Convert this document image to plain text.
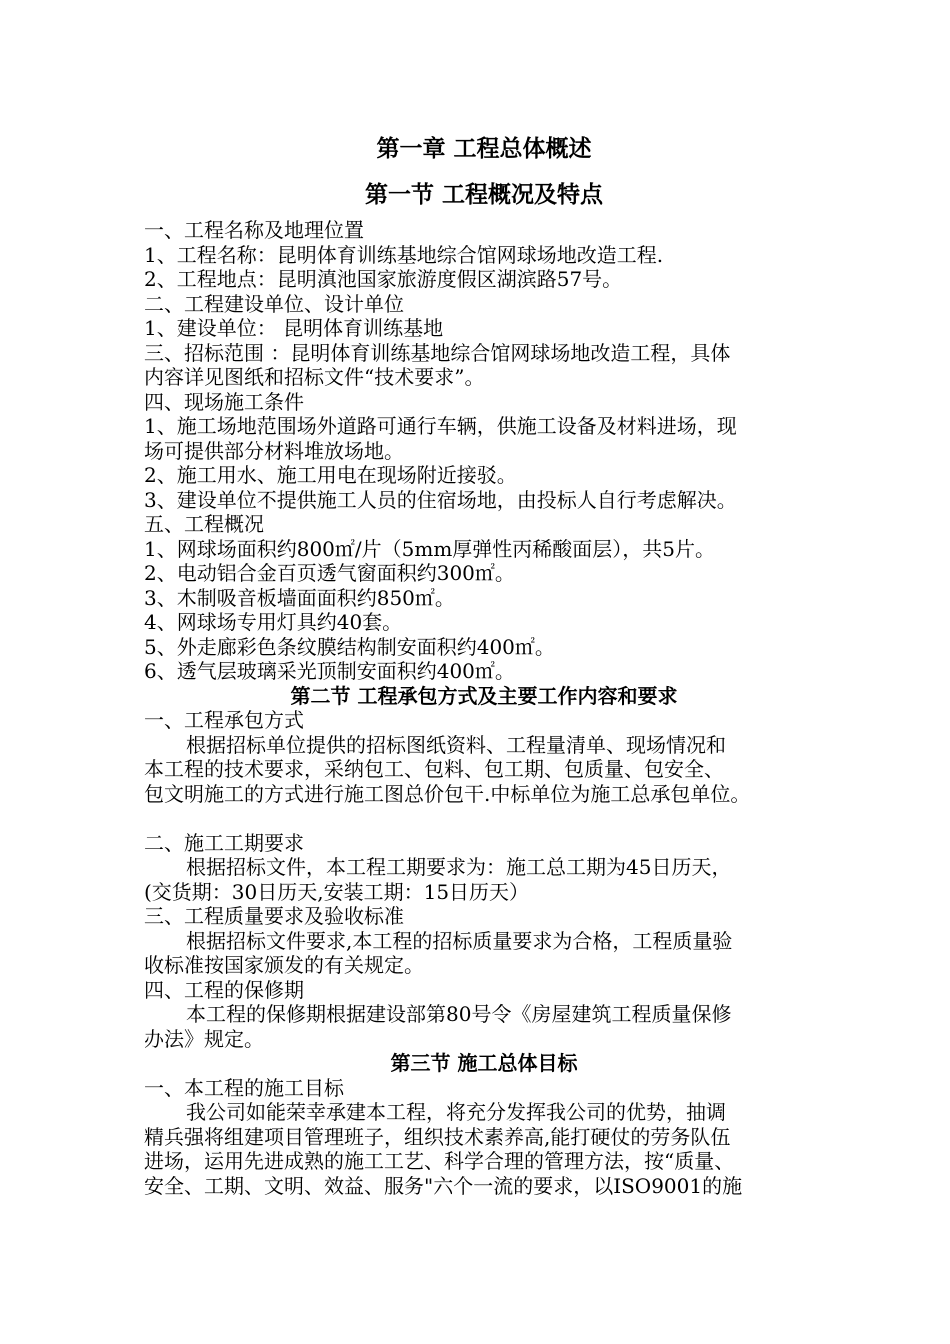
第一章 工程总体概述
第一节 工程概况及特点
一、工程名称及地理位置
1、工程名称：昆明体育训练基地综合馆网球场地改造工程.
2、工程地点：昆明滇池国家旅游度假区湖滨路57号。
二、工程建设单位、设计单位
1、建设单位： 昆明体育训练基地
三、招标范围 ：昆明体育训练基地综合馆网球场地改造工程，具体
内容详见图纸和招标文件“技术要求”。
四、现场施工条件
1、施工场地范围场外道路可通行车辆，供施工设备及材料进场，现
场可提供部分材料堆放场地。
2、施工用水、施工用电在现场附近接驳。
3、建设单位不提供施工人员的住宿场地，由投标人自行考虑解决。
五、工程概况
1、网球场面积约800㎡/片（5mm厚弹性丙稀酸面层），共5片。
2、电动铝合金百页透气窗面积约300㎡。
3、木制吸音板墙面面积约850㎡。
4、网球场专用灯具约40套。
5、外走廊彩色条纹膜结构制安面积约400㎡。
6、透气层玻璃采光顶制安面积约400㎡。
第二节 工程承包方式及主要工作内容和要求
一、工程承包方式
根据招标单位提供的招标图纸资料、工程量清单、现场情况和
本工程的技术要求，采纳包工、包料、包工期、包质量、包安全、
包文明施工的方式进行施工图总价包干.中标单位为施工总承包单位。
二、施工工期要求
根据招标文件，本工程工期要求为：施工总工期为45日历天，
(交货期：30日历天,安装工期：15日历天）
三、工程质量要求及验收标准
根据招标文件要求,本工程的招标质量要求为合格，工程质量验
收标准按国家颁发的有关规定。
四、工程的保修期
本工程的保修期根据建设部第80号令《房屋建筑工程质量保修
办法》规定。
第三节 施工总体目标
一、本工程的施工目标
我公司如能荣幸承建本工程，将充分发挥我公司的优势，抽调
精兵强将组建项目管理班子，组织技术素养高,能打硬仗的劳务队伍
进场，运用先进成熟的施工工艺、科学合理的管理方法，按“质量、
安全、工期、文明、效益、服务"六个一流的要求，以ISO9001的施
